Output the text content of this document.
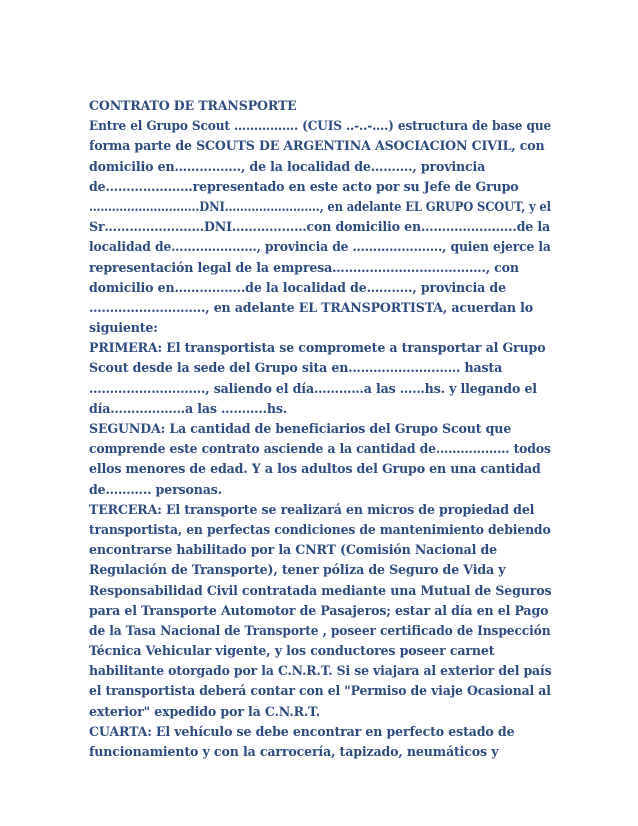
CONTRATO DE TRANSPORTE
Entre el Grupo Scout ……………. (CUIS ..-..-….) estructura de base que
forma parte de SCOUTS DE ARGENTINA ASOCIACION CIVIL, con
domicilio en……………., de la localidad de………., provincia
de…………………representado en este acto por su Jefe de Grupo
………………………..DNI……………………., en adelante EL GRUPO SCOUT, y el
Sr……………………DNI………………con domicilio en…………………..de la
localidad de…………………, provincia de …………………., quien ejerce la
representación legal de la empresa………………………………., con
domicilio en……………..de la localidad de……….., provincia de
………………………., en adelante EL TRANSPORTISTA, acuerdan lo
siguiente:
PRIMERA: El transportista se compromete a transportar al Grupo
Scout desde la sede del Grupo sita en……………………… hasta
………………………., saliendo el día…………a las ……hs. y llegando el
día………………a las ………..hs.
SEGUNDA: La cantidad de beneficiarios del Grupo Scout que
comprende este contrato asciende a la cantidad de……………… todos
ellos menores de edad. Y a los adultos del Grupo en una cantidad
de……….. personas.
TERCERA: El transporte se realizará en micros de propiedad del
transportista, en perfectas condiciones de mantenimiento debiendo
encontrarse habilitado por la CNRT (Comisión Nacional de
Regulación de Transporte), tener póliza de Seguro de Vida y
Responsabilidad Civil contratada mediante una Mutual de Seguros
para el Transporte Automotor de Pasajeros; estar al día en el Pago
de la Tasa Nacional de Transporte , poseer certificado de Inspección
Técnica Vehicular vigente, y los conductores poseer carnet
habilitante otorgado por la C.N.R.T. Si se viajara al exterior del país
el transportista deberá contar con el "Permiso de viaje Ocasional al
exterior" expedido por la C.N.R.T.
CUARTA: El vehículo se debe encontrar en perfecto estado de
funcionamiento y con la carrocería, tapizado, neumáticos y
